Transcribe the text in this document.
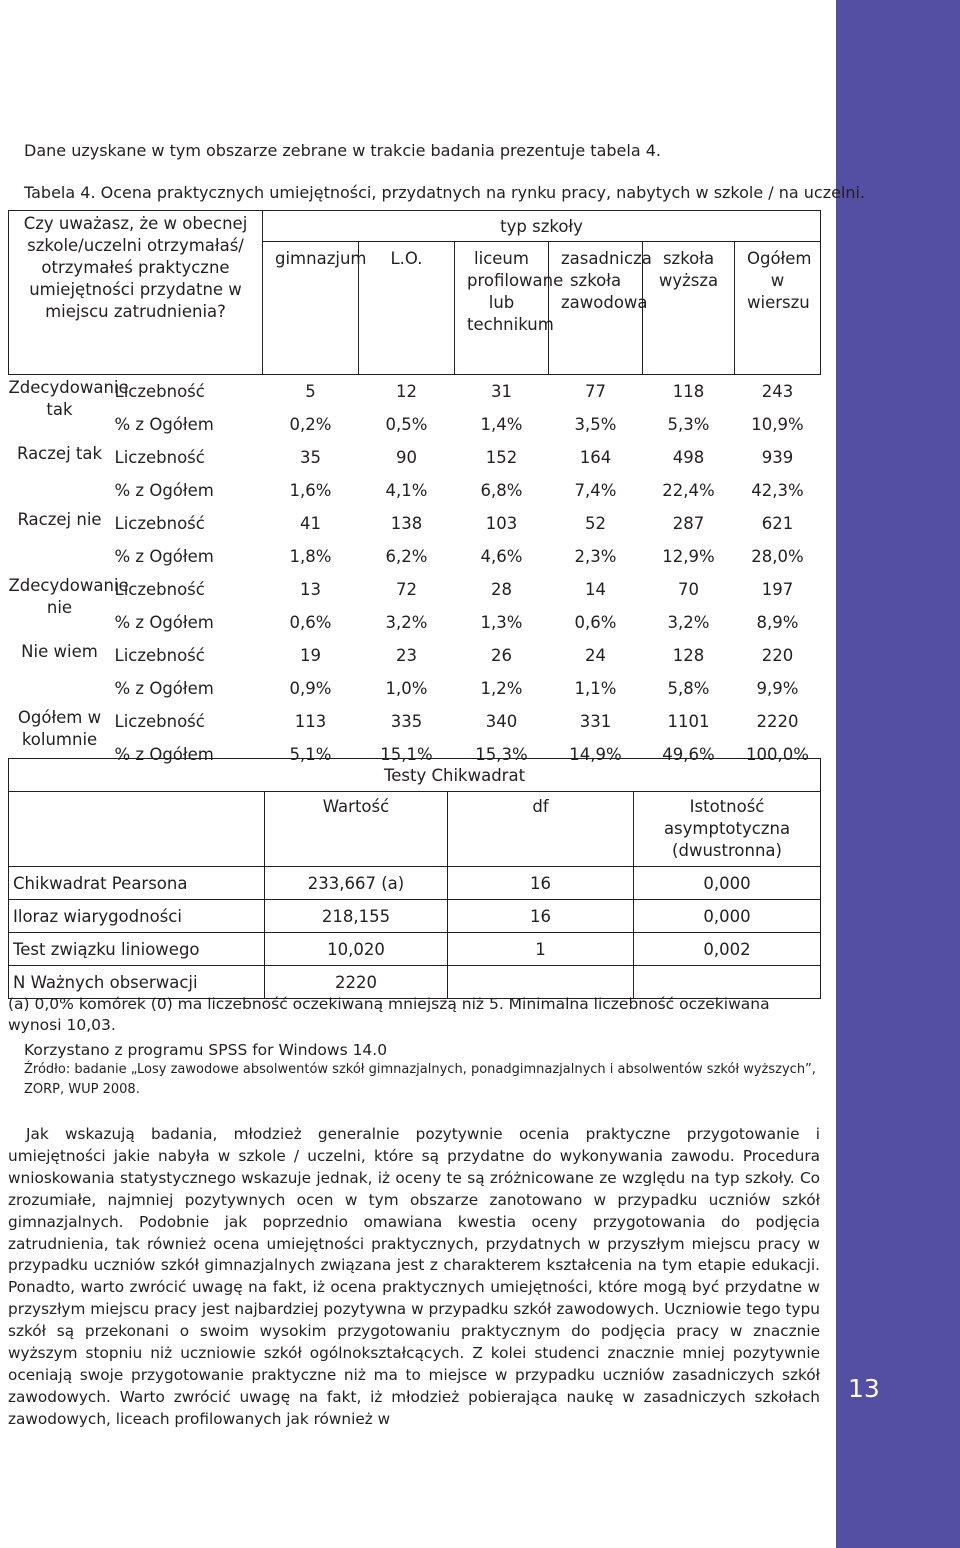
13
Dane uzyskane w tym obszarze zebrane w trakcie badania prezentuje tabela 4.
Tabela 4. Ocena praktycznych umiejętności, przydatnych na rynku pracy, nabytych w szkole / na uczelni.
Czy uważasz, że w obecnej szkole/uczelni otrzymałaś/ otrzymałeś praktyczne umiejętności przydatne w miejscu zatrudnienia?		typ szkoły					
		gimnazjum	L.O.	liceum profilowane lub technikum	zasadnicza szkoła zawodowa	szkoła wyższa	Ogółem w wierszu
Zdecydowanie tak	Liczebność	5	12	31	77	118	243
	% z Ogółem	0,2%	0,5%	1,4%	3,5%	5,3%	10,9%
Raczej tak	Liczebność	35	90	152	164	498	939
	% z Ogółem	1,6%	4,1%	6,8%	7,4%	22,4%	42,3%
Raczej nie	Liczebność	41	138	103	52	287	621
	% z Ogółem	1,8%	6,2%	4,6%	2,3%	12,9%	28,0%
Zdecydowanie nie	Liczebność	13	72	28	14	70	197
	% z Ogółem	0,6%	3,2%	1,3%	0,6%	3,2%	8,9%
Nie wiem	Liczebność	19	23	26	24	128	220
	% z Ogółem	0,9%	1,0%	1,2%	1,1%	5,8%	9,9%
Ogółem w kolumnie	Liczebność	113	335	340	331	1101	2220
	% z Ogółem	5,1%	15,1%	15,3%	14,9%	49,6%	100,0%
Testy Chikwadrat			
	Wartość	df	Istotność asymptotyczna (dwustronna)
Chikwadrat Pearsona	233,667 (a)	16	0,000
Iloraz wiarygodności	218,155	16	0,000
Test związku liniowego	10,020	1	0,002
N Ważnych obserwacji	2220		
(a) 0,0% komórek (0) ma liczebność oczekiwaną mniejszą niż 5. Minimalna liczebność oczekiwana wynosi 10,03.
Korzystano z programu SPSS for Windows 14.0
Źródło: badanie „Losy zawodowe absolwentów szkół gimnazjalnych, ponadgimnazjalnych i absolwentów szkół wyższych”, ZORP, WUP 2008.

Jak wskazują badania, młodzież generalnie pozytywnie ocenia praktyczne przygotowanie i umiejętności jakie nabyła w szkole / uczelni, które są przydatne do wykonywania zawodu. Procedura wnioskowania statystycznego wskazuje jednak, iż oceny te są zróżnicowane ze względu na typ szkoły. Co zrozumiałe, najmniej pozytywnych ocen w tym obszarze zanotowano w przypadku uczniów szkół gimnazjalnych. Podobnie jak poprzednio omawiana kwestia oceny przygotowania do podjęcia zatrudnienia, tak również ocena umiejętności praktycznych, przydatnych w przyszłym miejscu pracy w przypadku uczniów szkół gimnazjalnych związana jest z charakterem kształcenia na tym etapie edukacji. Ponadto, warto zwrócić uwagę na fakt, iż ocena praktycznych umiejętności, które mogą być przydatne w przyszłym miejscu pracy jest najbardziej pozytywna w przypadku szkół zawodowych. Uczniowie tego typu szkół są przekonani o swoim wysokim przygotowaniu praktycznym do podjęcia pracy w znacznie wyższym stopniu niż uczniowie szkół ogólnokształcących. Z kolei studenci znacznie mniej pozytywnie oceniają swoje przygotowanie praktyczne niż ma to miejsce w przypadku uczniów zasadniczych szkół zawodowych. Warto zwrócić uwagę na fakt, iż młodzież pobierająca naukę w zasadniczych szkołach zawodowych, liceach profilowanych jak również w
